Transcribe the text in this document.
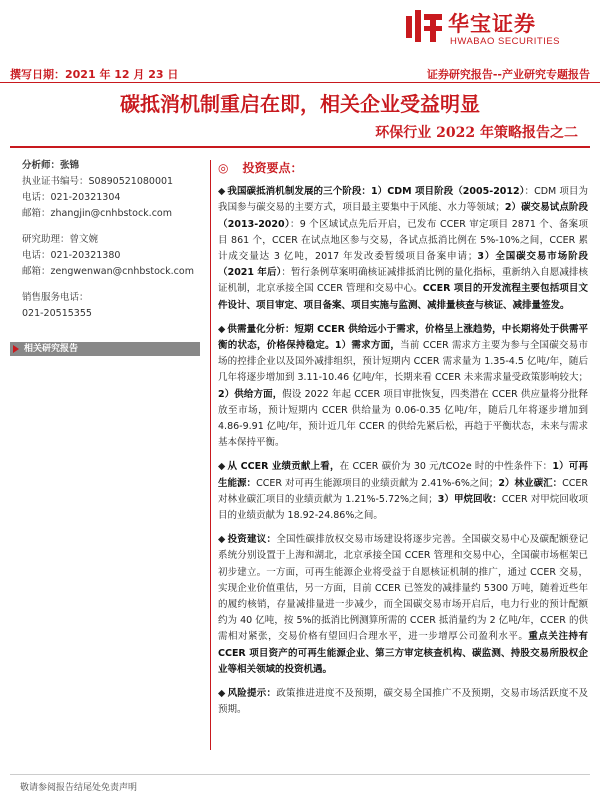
华宝证券
HWABAO SECURITIES
撰写日期：2021 年 12 月 23 日	证券研究报告--产业研究专题报告
碳抵消机制重启在即，相关企业受益明显
环保行业 2022 年策略报告之二
分析师：张锦
执业证书编号：S0890521080001
电话：021-20321304
邮箱：zhangjin@cnhbstock.com
研究助理：曾文婉
电话：021-20321380
邮箱：zengwenwan@cnhbstock.com
销售服务电话：
021-20515355
相关研究报告
◎ 投资要点：
◆ 我国碳抵消机制发展的三个阶段：1）CDM 项目阶段（2005-2012）：CDM 项目为我国参与碳交易的主要方式，项目最主要集中于风能、水力等领域；2）碳交易试点阶段（2013-2020）：9 个区域试点先后开启，已发布 CCER 审定项目 2871 个、备案项目 861 个，CCER 在试点地区参与交易，各试点抵消比例在 5%-10%之间，CCER 累计成交量达 3 亿吨，2017 年发改委暂缓项目备案申请；3）全国碳交易市场阶段（2021 年后）：暂行条例草案明确核证减排抵消比例的量化指标，重新纳入自愿减排核证机制，北京承接全国 CCER 管理和交易中心。CCER 项目的开发流程主要包括项目文件设计、项目审定、项目备案、项目实施与监测、减排量核查与核证、减排量签发。
◆ 供需量化分析：短期 CCER 供给远小于需求，价格呈上涨趋势，中长期将处于供需平衡的状态，价格保持稳定。1）需求方面，当前 CCER 需求方主要为参与全国碳交易市场的控排企业以及国外减排组织，预计短期内 CCER 需求量为 1.35-4.5 亿吨/年，随后几年将逐步增加到 3.11-10.46 亿吨/年，长期来看 CCER 未来需求量受政策影响较大；2）供给方面，假设 2022 年起 CCER 项目审批恢复，四类潜在 CCER 供应量将分批释放至市场，预计短期内 CCER 供给量为 0.06-0.35 亿吨/年，随后几年将逐步增加到 4.86-9.91 亿吨/年，预计近几年 CCER 的供给先紧后松，再趋于平衡状态，未来与需求基本保持平衡。
◆ 从 CCER 业绩贡献上看，在 CCER 碳价为 30 元/tCO2e 时的中性条件下：1）可再生能源：CCER 对可再生能源项目的业绩贡献为 2.41%-6%之间；2）林业碳汇：CCER 对林业碳汇项目的业绩贡献为 1.21%-5.72%之间；3）甲烷回收：CCER 对甲烷回收项目的业绩贡献为 18.92-24.86%之间。
◆ 投资建议：全国性碳排放权交易市场建设将逐步完善。全国碳交易中心及碳配额登记系统分别设置于上海和湖北，北京承接全国 CCER 管理和交易中心，全国碳市场框架已初步建立。一方面，可再生能源企业将受益于自愿核证机制的推广，通过 CCER 交易，实现企业价值重估，另一方面，目前 CCER 已签发的减排量约 5300 万吨，随着近些年的履约核销，存量减排量进一步减少，而全国碳交易市场开启后，电力行业的预计配额约为 40 亿吨，按 5%的抵消比例测算所需的 CCER 抵消量约为 2 亿吨/年，CCER 的供需相对紧张，交易价格有望回归合理水平，进一步增厚公司盈利水平。重点关注持有 CCER 项目资产的可再生能源企业、第三方审定核查机构、碳监测、持股交易所股权企业等相关领域的投资机遇。
◆ 风险提示：政策推进进度不及预期，碳交易全国推广不及预期，交易市场活跃度不及预期。
敬请参阅报告结尾处免责声明
